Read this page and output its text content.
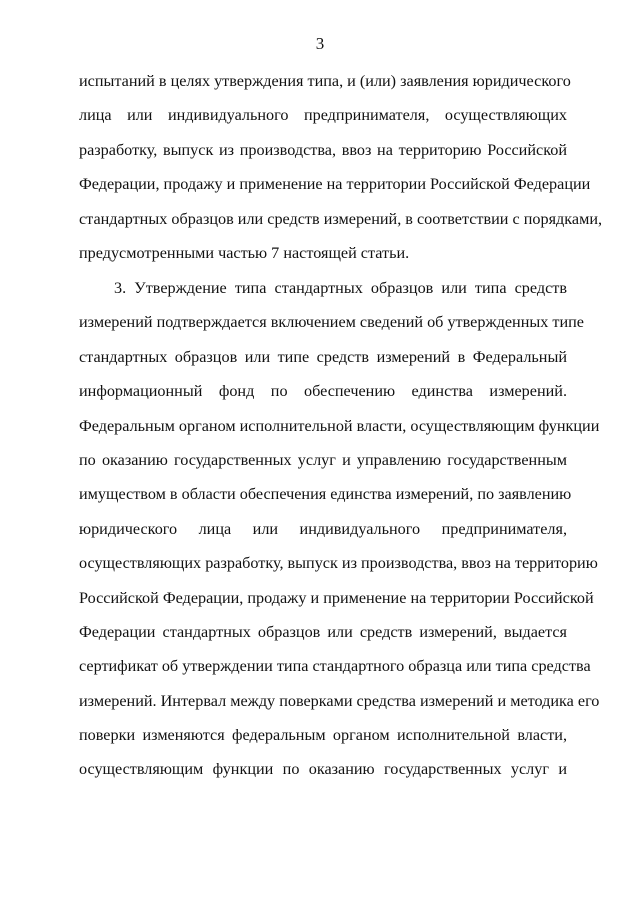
3
испытаний в целях утверждения типа, и (или) заявления юридического
лица или индивидуального предпринимателя, осуществляющих
разработку, выпуск из производства, ввоз на территорию Российской
Федерации, продажу и применение на территории Российской Федерации
стандартных образцов или средств измерений, в соответствии с порядками,
предусмотренными частью 7 настоящей статьи.
3. Утверждение типа стандартных образцов или типа средств
измерений подтверждается включением сведений об утвержденных типе
стандартных образцов или типе средств измерений в Федеральный
информационный фонд по обеспечению единства измерений.
Федеральным органом исполнительной власти, осуществляющим функции
по оказанию государственных услуг и управлению государственным
имуществом в области обеспечения единства измерений, по заявлению
юридического лица или индивидуального предпринимателя,
осуществляющих разработку, выпуск из производства, ввоз на территорию
Российской Федерации, продажу и применение на территории Российской
Федерации стандартных образцов или средств измерений, выдается
сертификат об утверждении типа стандартного образца или типа средства
измерений. Интервал между поверками средства измерений и методика его
поверки изменяются федеральным органом исполнительной власти,
осуществляющим функции по оказанию государственных услуг и
